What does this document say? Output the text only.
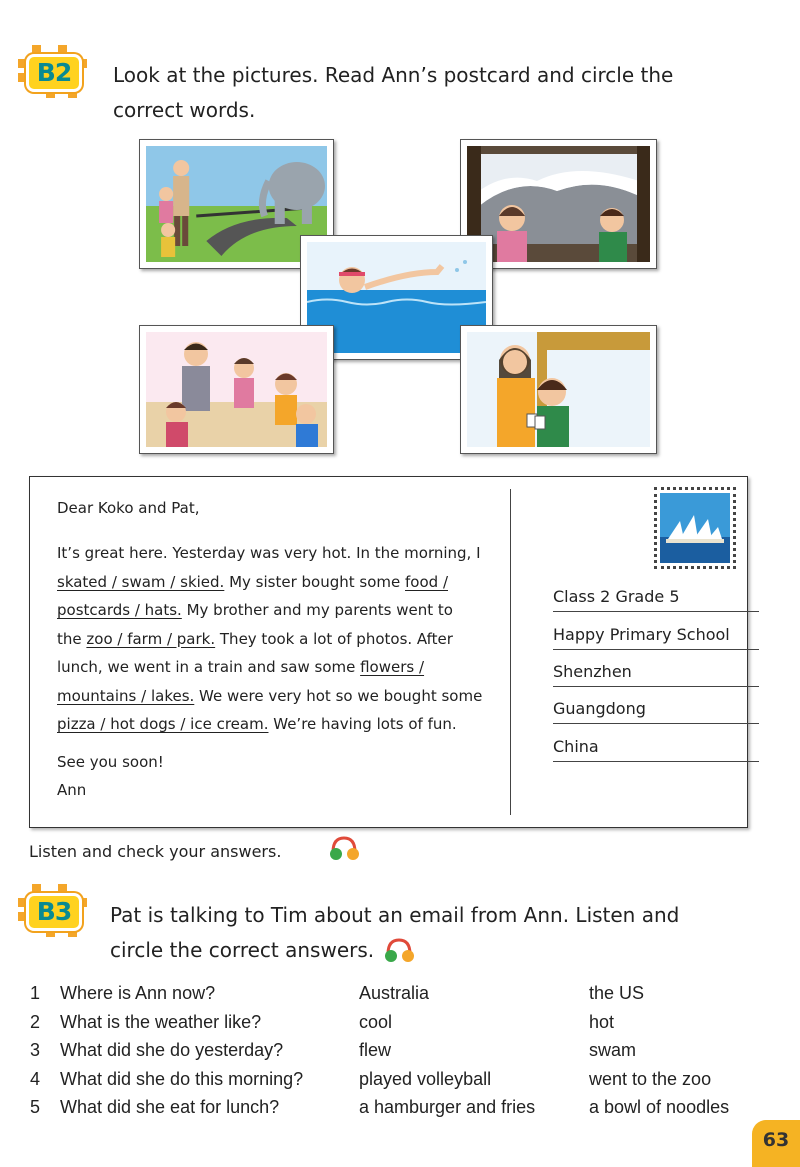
B2	Look at the pictures. Read Ann’s postcard and circle the
correct words.
Dear Koko and Pat,
It’s great here. Yesterday was very hot. In the morning, I
skated / swam / skied. My sister bought some food /
postcards / hats. My brother and my parents went to
the zoo / farm / park. They took a lot of photos. After
lunch, we went in a train and saw some flowers /
mountains / lakes. We were very hot so we bought some
pizza / hot dogs / ice cream. We’re having lots of fun.
See you soon!
Ann
Class 2 Grade 5
Happy Primary School
Shenzhen
Guangdong
China
Listen and check your answers.
B3	Pat is talking to Tim about an email from Ann. Listen and
circle the correct answers.
1 Where is Ann now?	Australia	the US
2 What is the weather like?	cool	hot
3 What did she do yesterday?	flew	swam
4 What did she do this morning?	played volleyball	went to the zoo
5 What did she eat for lunch?	a hamburger and fries	a bowl of noodles
63
